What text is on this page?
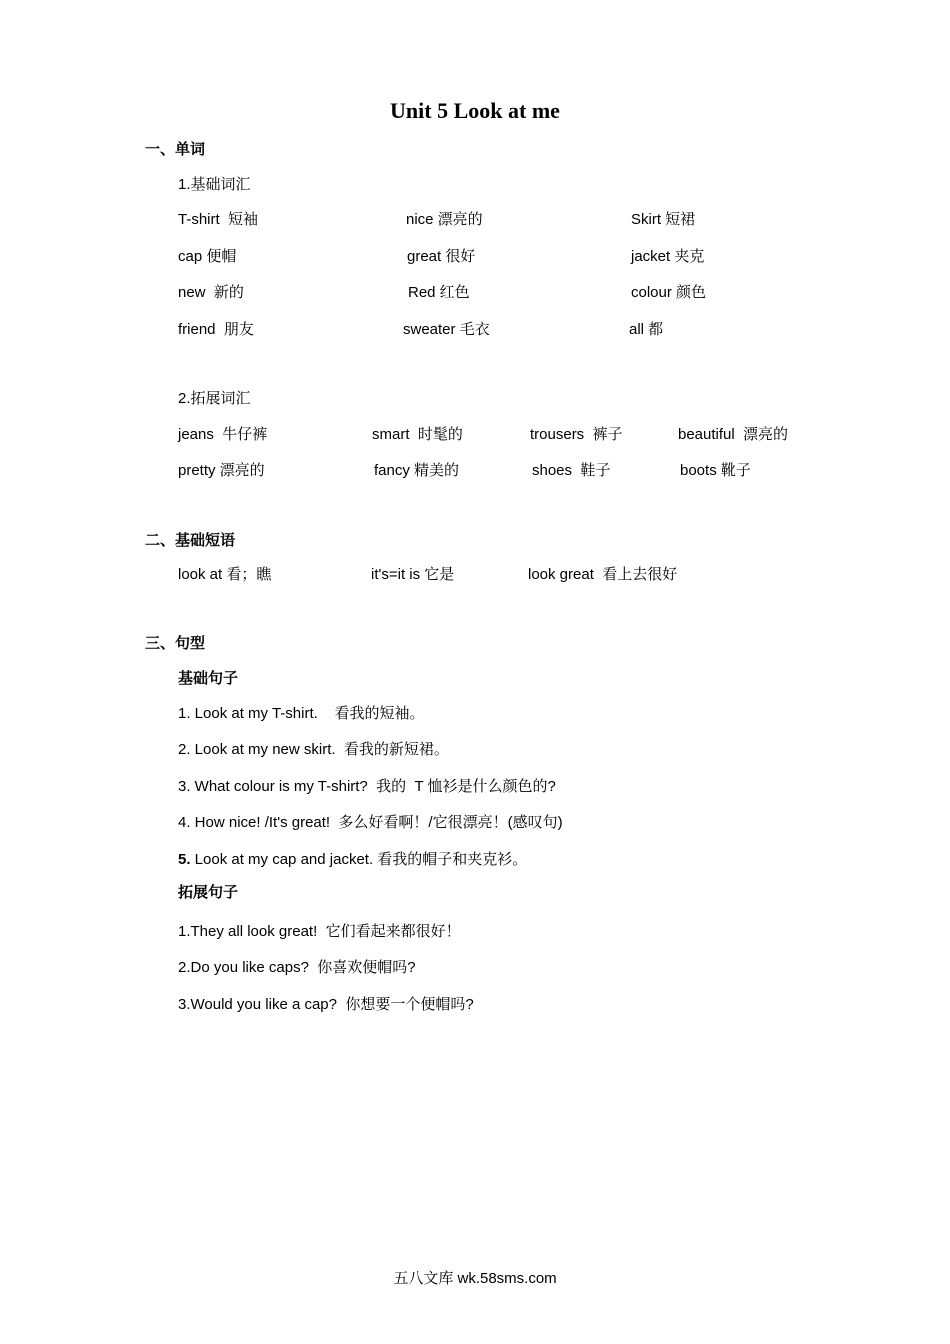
Unit 5 Look at me
一、单词
1.基础词汇
T-shirt  短袖	nice 漂亮的	Skirt 短裙
cap 便帽	great 很好	jacket 夹克
new  新的	Red 红色	colour 颜色
friend  朋友	sweater 毛衣	all 都
2.拓展词汇
jeans  牛仔裤	smart  时髦的	trousers  裤子	beautiful  漂亮的
pretty 漂亮的	fancy 精美的	shoes  鞋子	boots 靴子
二、基础短语
look at 看；瞧	it's=it is 它是	look great  看上去很好
三、句型
基础句子
1. Look at my T-shirt.    看我的短袖。
2. Look at my new skirt.  看我的新短裙。
3. What colour is my T-shirt?  我的  T 恤衫是什么颜色的?
4. How nice! /It's great!  多么好看啊！/它很漂亮！(感叹句)
5. Look at my cap and jacket. 看我的帽子和夹克衫。
拓展句子
1.They all look great!  它们看起来都很好！
2.Do you like caps?  你喜欢便帽吗?
3.Would you like a cap?  你想要一个便帽吗?
五八文库 wk.58sms.com
